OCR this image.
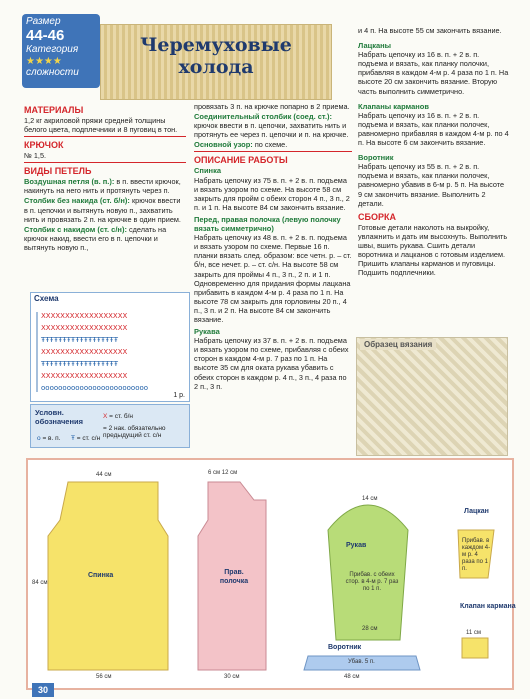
Размер
44-46
Категория
★★★★
сложности
Черемуховые
холода
МАТЕРИАЛЫ

1,2 кг акриловой пряжи средней толщины белого цвета, подплечники и 8 пуговиц в тон.

КРЮЧОК

№ 1,5.

ВИДЫ ПЕТЕЛЬ

Воздушная петля (в. п.): в п. ввести крючок, накинуть на него нить и протянуть через п.

Столбик без накида (ст. б/н): крючок ввести в п. цепочки и вытянуть новую п., захватить нить и провязать 2 п. на крючке в один прием.

Столбик с накидом (ст. с/н): сделать на крючок накид, ввести его в п. цепочки и вытянуть новую п.,

Схема
XXXXXXXXXXXXXXXXXX
XXXXXXXXXXXXXXXXXX
XXXXXXXXXXXXXXXXXX
XXXXXXXXXXXXXXXXXX
ŦŦŦŦŦŦŦŦŦŦŦŦŦŦŦŦŦŦ
ŦŦŦŦŦŦŦŦŦŦŦŦŦŦŦŦŦŦ
ooooooooooooooooooooooooo
1 р.
Условн. обозначения
o = в. п. Ŧ = ст. с/н
X = ст. б/н
= 2 нак. обязательно предыдущий ст. с/н

провязать 3 п. на крючке попарно в 2 приема.

Соединительный столбик (соед. ст.): крючок ввести в п. цепочки, захватить нить и протянуть ее через п. цепочки и п. на крючке.

Основной узор: по схеме.

ОПИСАНИЕ РАБОТЫ
Спинка

Набрать цепочку из 75 в. п. + 2 в. п. подъема и вязать узором по схеме. На высоте 58 см закрыть для пройм с обеих сторон 4 п., 3 п., 2 п. и 1 п. На высоте 84 см закончить вязание.

Перед, правая полочка (левую полочку вязать симметрично)

Набрать цепочку из 48 в. п. + 2 в. п. подъема и вязать узором по схеме. Первые 16 п. планки вязать след. образом: все четн. р. – ст. б/н, все нечет. р. – ст. с/н. На высоте 58 см закрыть для проймы 4 п., 3 п., 2 п. и 1 п. Одновременно для придания формы лацкана прибавить в каждом 4-м р. 4 раза по 1 п. На высоте 78 см закрыть для горловины 20 п., 4 п., 3 п. и 2 п. На высоте 84 см закончить вязание.

Рукава

Набрать цепочку из 37 в. п. + 2 в. п. подъема и вязать узором по схеме, прибавляя с обеих сторон в каждом 4-м р. 7 раз по 1 п. На высоте 35 см для оката рукава убавить с обеих сторон в каждом р. 4 п., 3 п., 4 раза по 2 п., 3 п.

и 4 п. На высоте 55 см закончить вязание.

Лацканы

Набрать цепочку из 16 в. п. + 2 в. п. подъема и вязать, как планку полочки, прибавляя в каждом 4-м р. 4 раза по 1 п. На высоте 20 см закончить вязание. Вторую часть выполнить симметрично.

Клапаны карманов

Набрать цепочку из 16 в. п. + 2 в. п. подъема и вязать, как планки полочек, равномерно прибавляя в каждом 4-м р. по 4 п. На высоте 6 см закончить вязание.

Воротник

Набрать цепочку из 55 в. п. + 2 в. п. подъема и вязать, как планки полочек, равномерно убавив в 6-м р. 5 п. На высоте 9 см закончить вязание. Выполнить 2 детали.

СБОРКА

Готовые детали наколоть на выкройку, увлажнить и дать им высохнуть. Выполнить швы, вшить рукава. Сшить детали воротника и лацканов с готовым изделием. Пришить клапаны карманов и пуговицы. Подшить подплечники.

Образец вязания
Спинка	Прав. полочка
Рукав
Лацкан
Клапан кармана
Воротник
44 см
56 см
84 см
6 см 12 см
30 см
14 см
28 см
Прибав. с обеих стор. в 4-м р. 7 раз по 1 п.
Прибав. в каждом 4-м р. 4 раза по 1 п.
11 см
48 см
Убав. 5 п.
30
